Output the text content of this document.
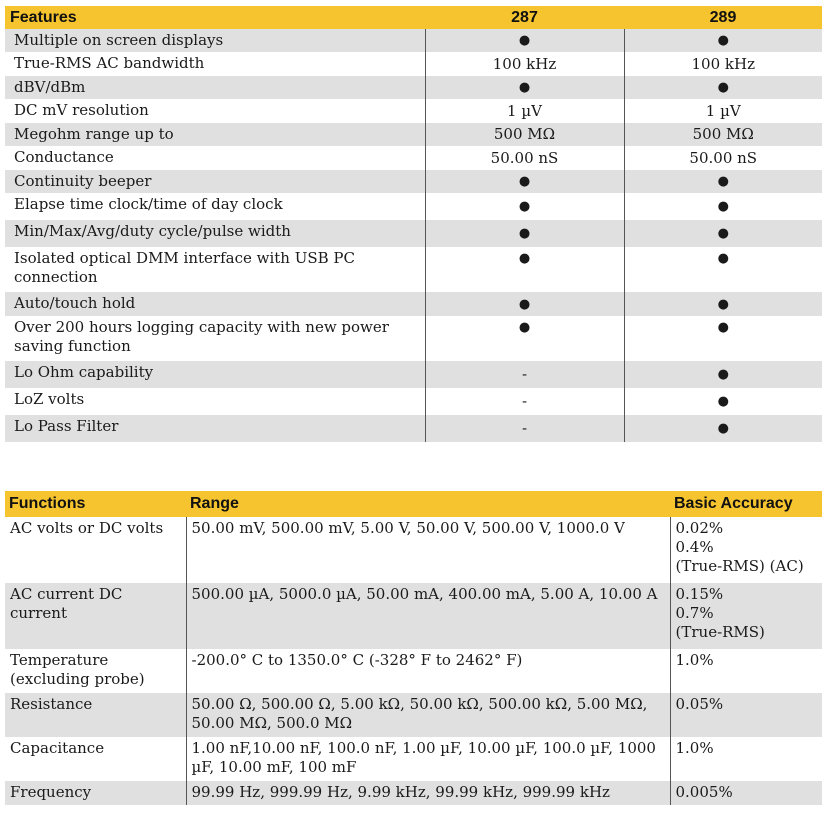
Features	287	289
Multiple on screen displays	●	●
True-RMS AC bandwidth	100 kHz	100 kHz
dBV/dBm	●	●
DC mV resolution	1 µV	1 µV
Megohm range up to	500 MΩ	500 MΩ
Conductance	50.00 nS	50.00 nS
Continuity beeper	●	●
Elapse time clock/time of day clock	●	●
Min/Max/Avg/duty cycle/pulse width	●	●
Isolated optical DMM interface with USB PC connection	●	●
Auto/touch hold	●	●
Over 200 hours logging capacity with new power saving function	●	●
Lo Ohm capability	-	●
LoZ volts	-	●
Lo Pass Filter	-	●
Functions	Range	Basic Accuracy
AC volts or DC volts	50.00 mV, 500.00 mV, 5.00 V, 50.00 V, 500.00 V, 1000.0 V	0.02%
0.4%
(True-RMS) (AC)

AC current DC current	500.00 µA, 5000.0 µA, 50.00 mA, 400.00 mA, 5.00 A, 10.00 A	0.15%
0.7%
(True-RMS)

Temperature (excluding probe)	-200.0° C to 1350.0° C (-328° F to 2462° F)	1.0%

Resistance	50.00 Ω, 500.00 Ω, 5.00 kΩ, 50.00 kΩ, 500.00 kΩ, 5.00 MΩ, 50.00 MΩ, 500.0 MΩ	0.05%

Capacitance	1.00 nF,10.00 nF, 100.0 nF, 1.00 µF, 10.00 µF, 100.0 µF, 1000 µF, 10.00 mF, 100 mF	1.0%

Frequency	99.99 Hz, 999.99 Hz, 9.99 kHz, 99.99 kHz, 999.99 kHz	0.005%
